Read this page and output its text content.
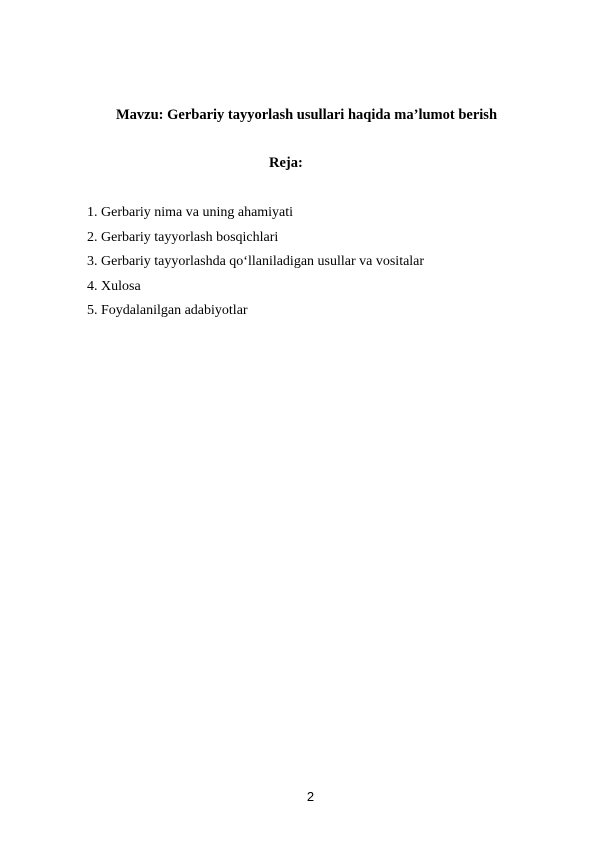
Mavzu: Gerbariy tayyorlash usullari haqida ma’lumot berish
Reja:
1. Gerbariy nima va uning ahamiyati
2. Gerbariy tayyorlash bosqichlari
3. Gerbariy tayyorlashda qo‘llaniladigan usullar va vositalar
4. Xulosa
5. Foydalanilgan adabiyotlar
2
